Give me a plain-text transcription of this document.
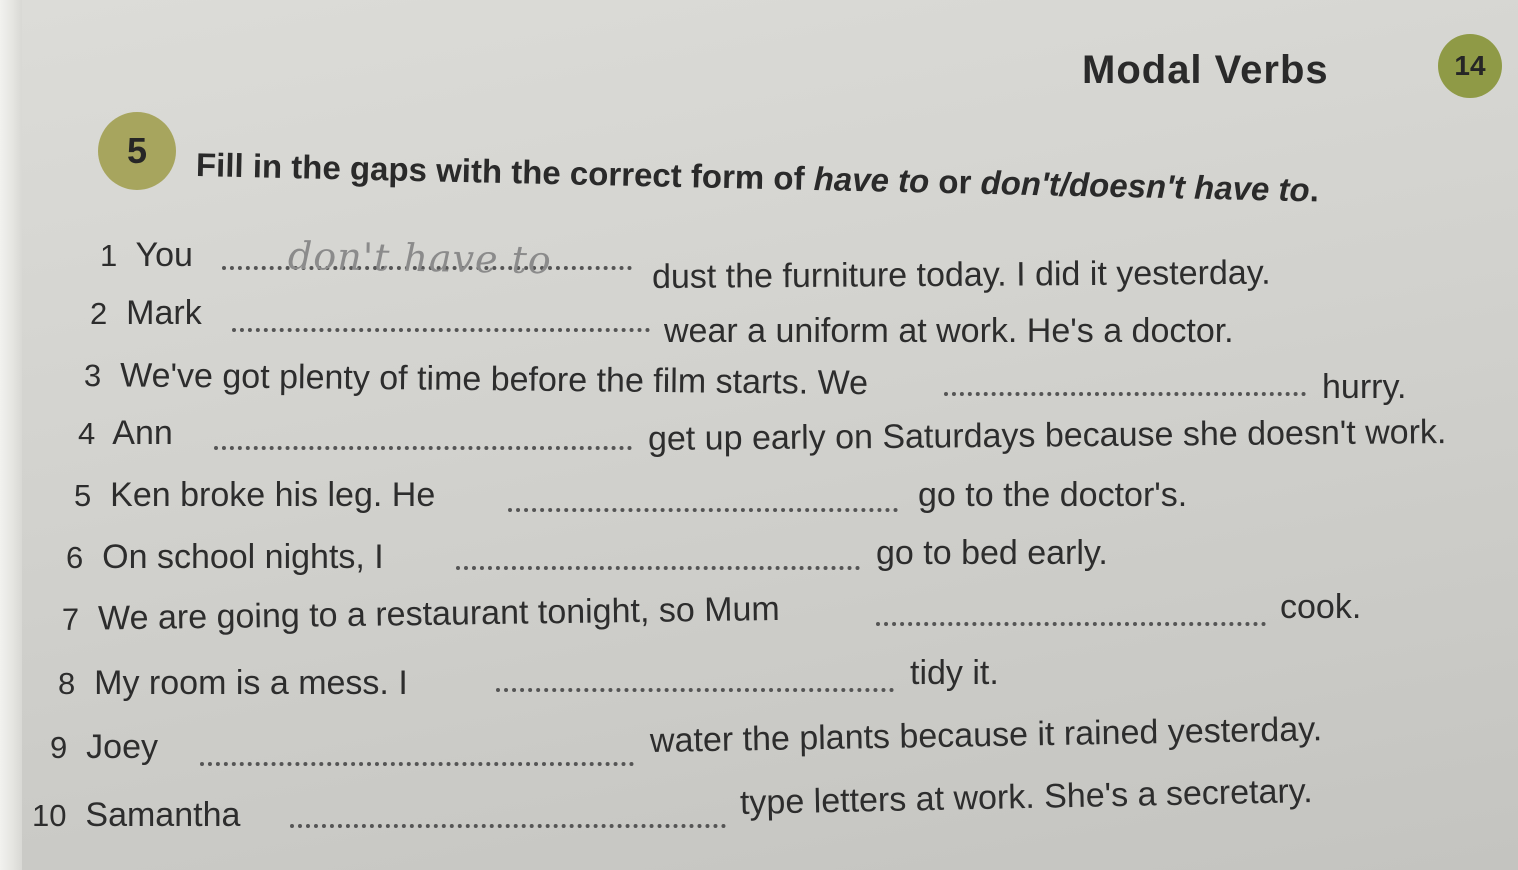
Modal Verbs	14
5	Fill in the gaps with the correct form of have to or don't/doesn't have to.
1 You don't have to	dust the furniture today. I did it yesterday.
2 Mark	wear a uniform at work. He's a doctor.
3 We've got plenty of time before the film starts. We	hurry.
4 Ann	get up early on Saturdays because she doesn't work.
5 Ken broke his leg. He	go to the doctor's.
6 On school nights, I	go to bed early.
7 We are going to a restaurant tonight, so Mum	cook.
8 My room is a mess. I	tidy it.
9 Joey	water the plants because it rained yesterday.
10 Samantha	type letters at work. She's a secretary.
